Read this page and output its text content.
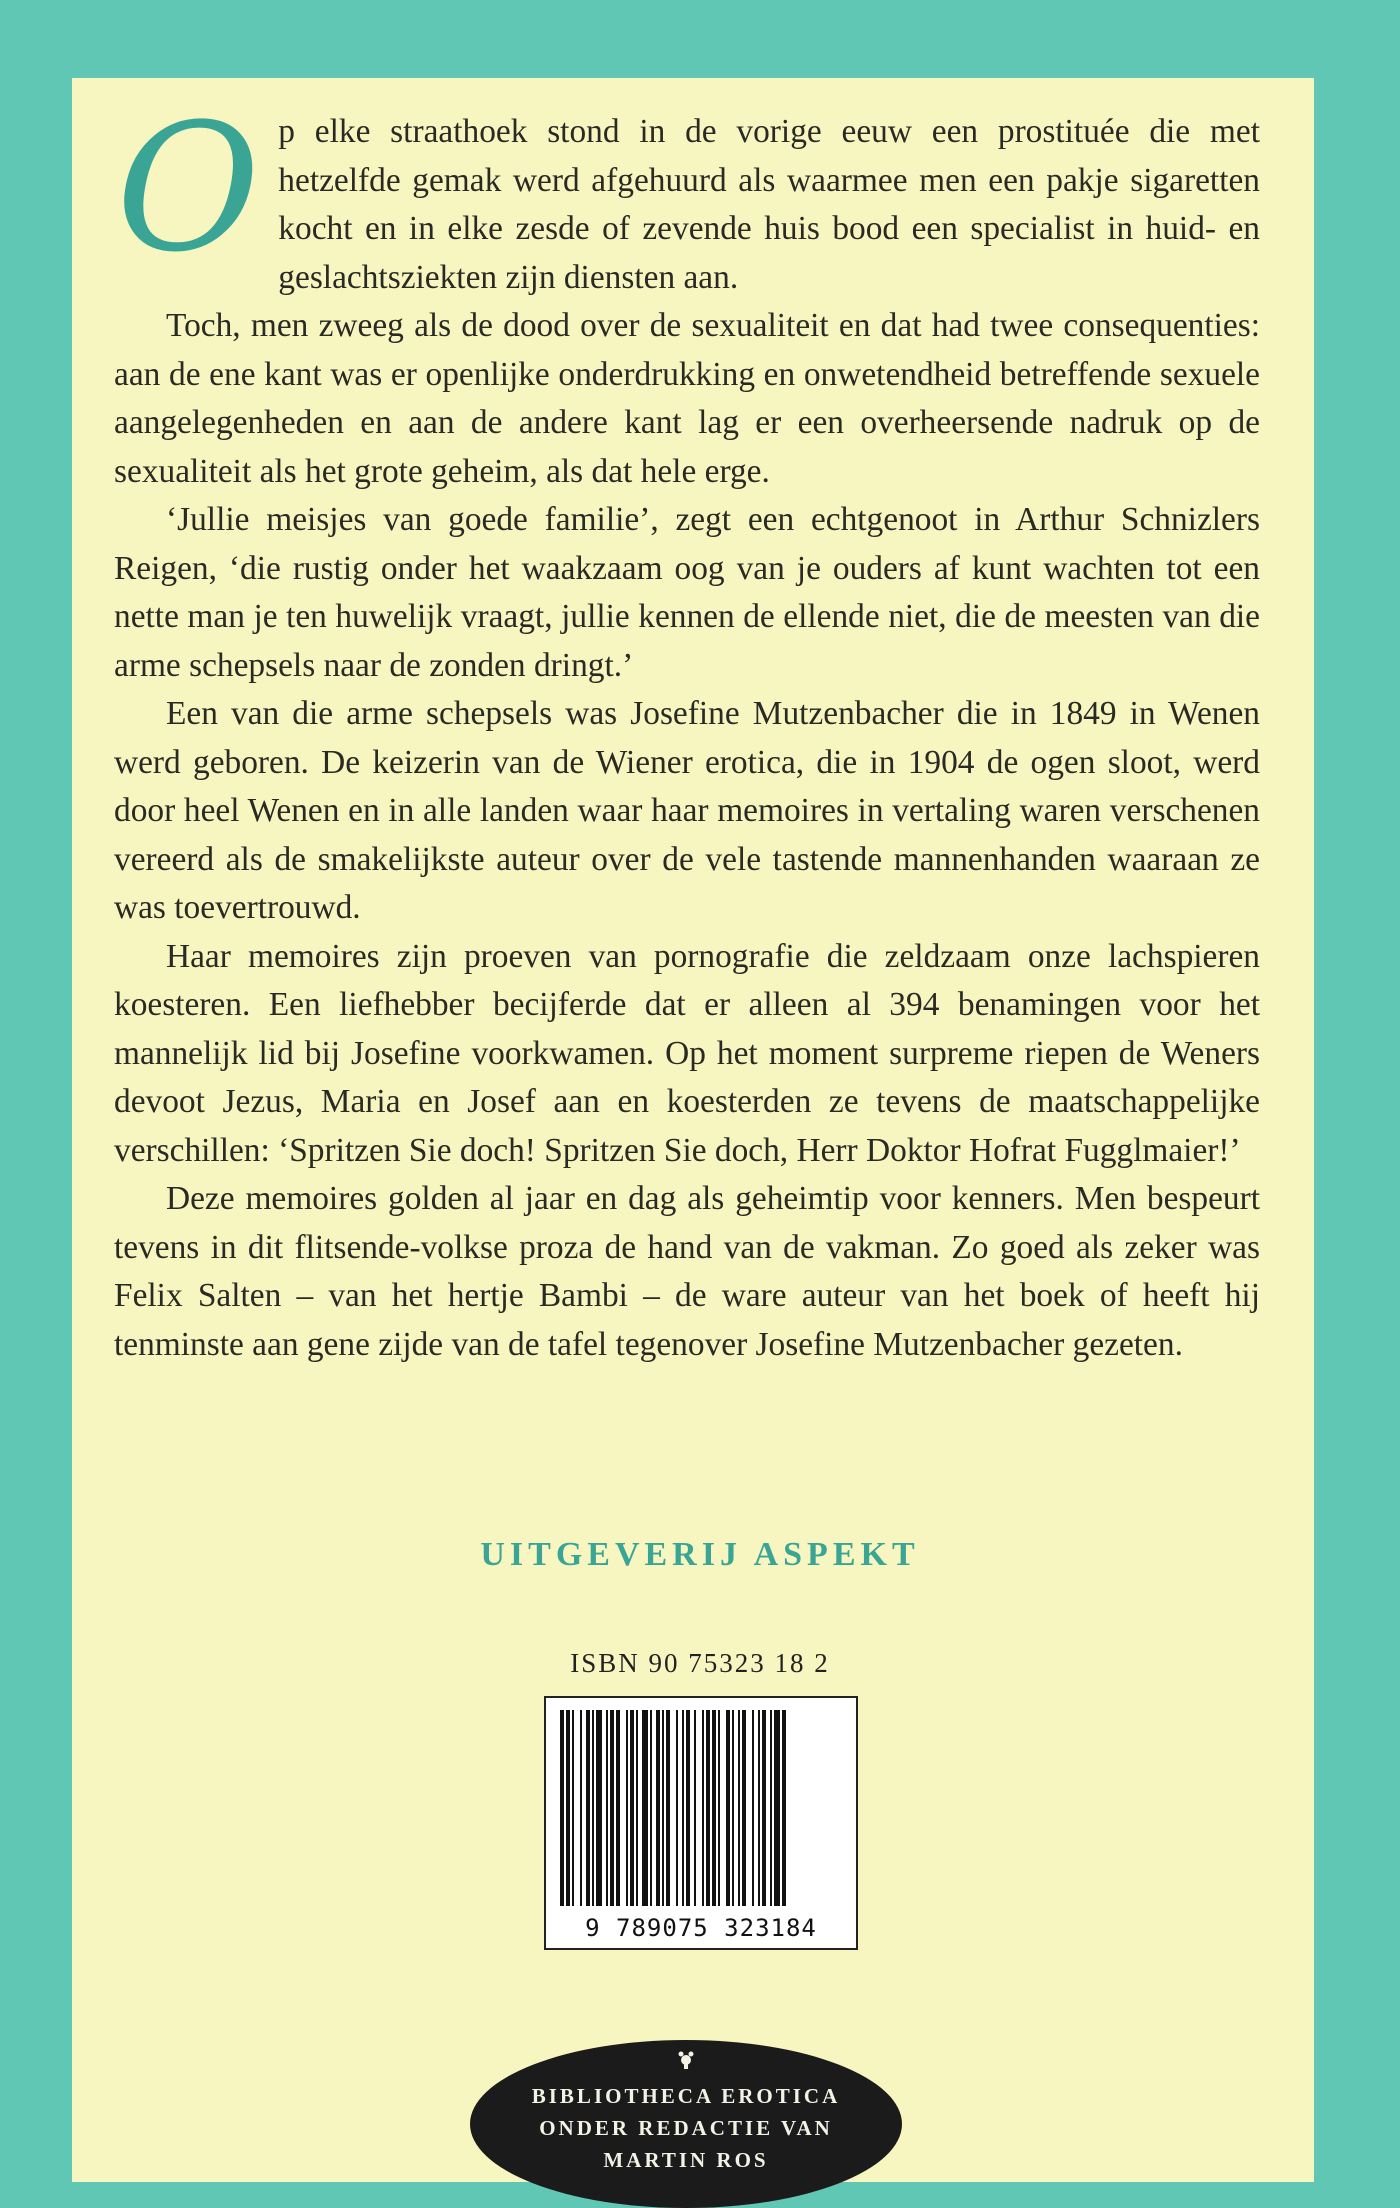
Op elke straathoek stond in de vorige eeuw een prostituée die met hetzelfde gemak werd afgehuurd als waarmee men een pakje sigaretten kocht en in elke zesde of zevende huis bood een specialist in huid- en geslachtsziekten zijn diensten aan.

Toch, men zweeg als de dood over de sexualiteit en dat had twee consequenties: aan de ene kant was er openlijke onderdrukking en onwetendheid betreffende sexuele aangelegenheden en aan de andere kant lag er een overheersende nadruk op de sexualiteit als het grote geheim, als dat hele erge.

‘Jullie meisjes van goede familie’, zegt een echtgenoot in Arthur Schnizlers Reigen, ‘die rustig onder het waakzaam oog van je ouders af kunt wachten tot een nette man je ten huwelijk vraagt, jullie kennen de ellende niet, die de meesten van die arme schepsels naar de zonden dringt.’

Een van die arme schepsels was Josefine Mutzenbacher die in 1849 in Wenen werd geboren. De keizerin van de Wiener erotica, die in 1904 de ogen sloot, werd door heel Wenen en in alle landen waar haar memoires in vertaling waren verschenen vereerd als de smakelijkste auteur over de vele tastende mannenhanden waaraan ze was toevertrouwd.

Haar memoires zijn proeven van pornografie die zeldzaam onze lachspieren koesteren. Een liefhebber becijferde dat er alleen al 394 benamingen voor het mannelijk lid bij Josefine voorkwamen. Op het moment surpreme riepen de Weners devoot Jezus, Maria en Josef aan en koesterden ze tevens de maatschappelijke verschillen: ‘Spritzen Sie doch! Spritzen Sie doch, Herr Doktor Hofrat Fugglmaier!’

Deze memoires golden al jaar en dag als geheimtip voor kenners. Men bespeurt tevens in dit flitsende-volkse proza de hand van de vakman. Zo goed als zeker was Felix Salten – van het hertje Bambi – de ware auteur van het boek of heeft hij tenminste aan gene zijde van de tafel tegenover Josefine Mutzenbacher gezeten.

UITGEVERIJ ASPEKT
ISBN 90 75323 18 2
9 789075 323184
BIBLIOTHECA EROTICA
ONDER REDACTIE VAN
MARTIN ROS
